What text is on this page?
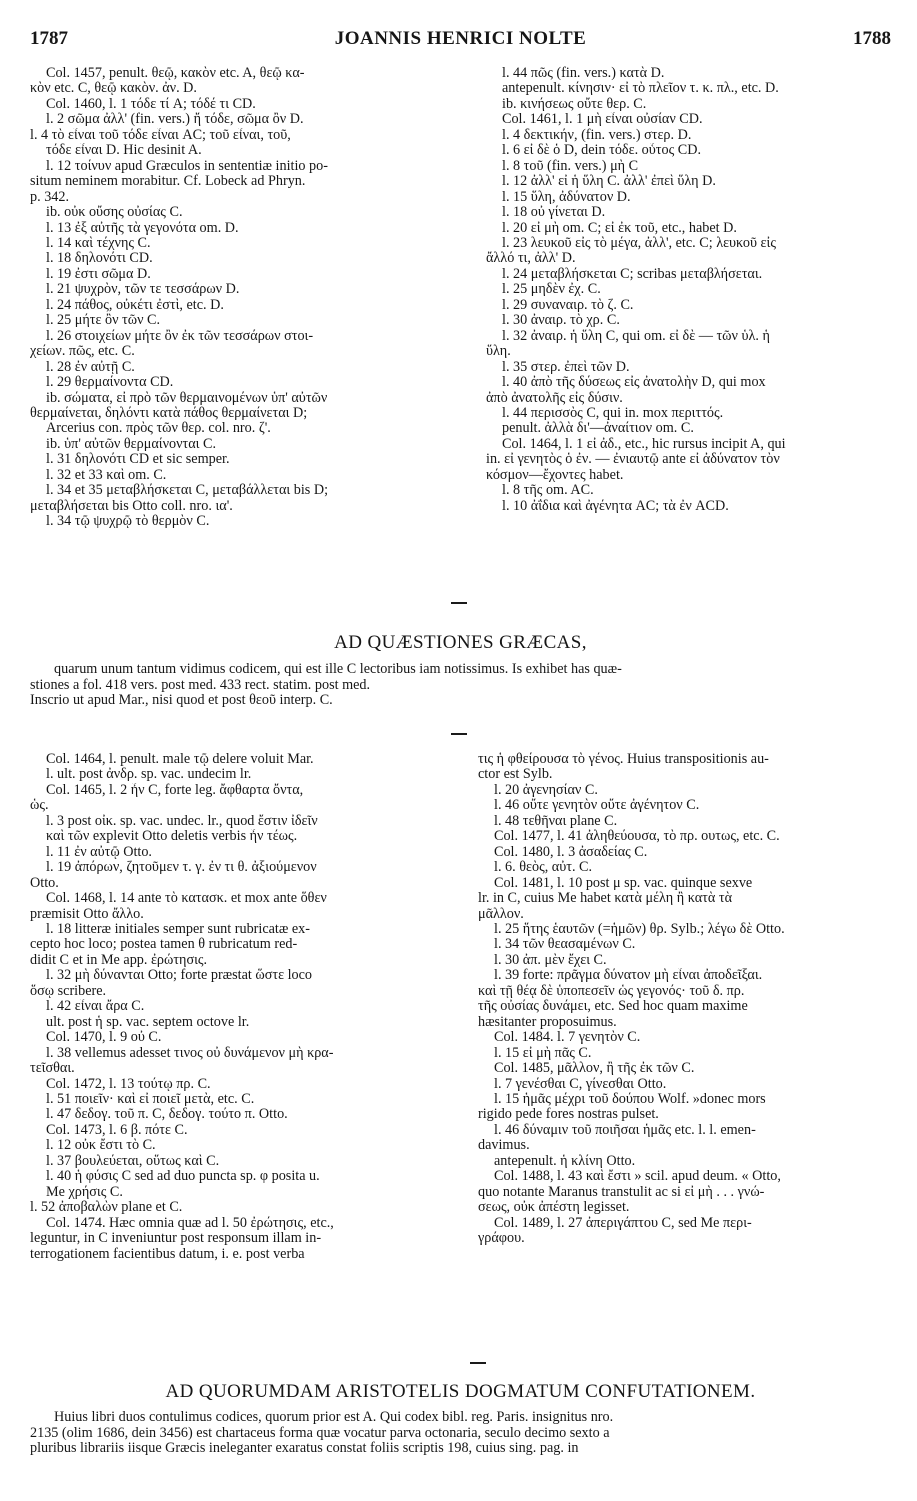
1787	JOANNIS HENRICI NOLTE	1788
Col. 1457, penult. θεῷ, κακὸν etc. A, θεῷ κα-
κὸν etc. C, θεῷ κακὸν. ἀν. D.
Col. 1460, l. 1 τόδε τί A; τόδέ τι CD.
l. 2 σῶμα ἀλλ' (fin. vers.) ἤ τόδε, σῶμα ὂν D.
l. 4 τὸ εἶναι τοῦ τόδε εἶναι AC; τοῦ εἶναι, τοῦ,
τόδε εἶναι D. Hic desinit A.
l. 12 τοίνυν apud Græculos in sententiæ initio po-
situm neminem morabitur. Cf. Lobeck ad Phryn.
p. 342.
ib. οὐκ οὔσης οὐσίας C.
l. 13 ἐξ αὐτῆς τὰ γεγονότα om. D.
l. 14 καὶ τέχνης C.
l. 18 δηλονότι CD.
l. 19 ἐστι σῶμα D.
l. 21 ψυχρὸν, τῶν τε τεσσάρων D.
l. 24 πάθος, οὐκέτι ἐστὶ, etc. D.
l. 25 μήτε ὂν τῶν C.
l. 26 στοιχείων μήτε ὂν ἐκ τῶν τεσσάρων στοι-
χείων. πῶς, etc. C.
l. 28 ἐν αὐτῇ C.
l. 29 θερμαίνοντα CD.
ib. σώματα, εἰ πρὸ τῶν θερμαινομένων ὑπ' αὐτῶν
θερμαίνεται, δηλόντι κατὰ πάθος θερμαίνεται D;
Arcerius con. πρὸς τῶν θερ. col. nro. ζ'.
ib. ὑπ' αὐτῶν θερμαίνονται C.
l. 31 δηλονότι CD et sic semper.
l. 32 et 33 καὶ om. C.
l. 34 et 35 μεταβλήσκεται C, μεταβάλλεται bis D;
μεταβλήσεται bis Otto coll. nro. ια'.
l. 34 τῷ ψυχρῷ τὸ θερμὸν C.
l. 44 πῶς (fin. vers.) κατὰ D.
antepenult. κίνησιν· εἰ τὸ πλεῖον τ. κ. πλ., etc. D.
ib. κινήσεως οὔτε θερ. C.
Col. 1461, l. 1 μὴ εἶναι οὐσίαν CD.
l. 4 δεκτικήν, (fin. vers.) στερ. D.
l. 6 εἰ δὲ ὁ D, dein τόδε. οὗτος CD.
l. 8 τοῦ (fin. vers.) μὴ C
l. 12 ἀλλ' εἰ ἡ ὕλη C. ἀλλ' ἐπεὶ ὕλη D.
l. 15 ὕλη, ἀδύνατον D.
l. 18 οὐ γίνεται D.
l. 20 εἰ μὴ om. C; εἰ ἐκ τοῦ, etc., habet D.
l. 23 λευκοῦ εἰς τὸ μέγα, ἀλλ', etc. C; λευκοῦ εἰς
ἄλλό τι, ἀλλ' D.
l. 24 μεταβλήσκεται C; scribas μεταβλήσεται.
l. 25 μηδὲν ἐχ. C.
l. 29 συναναιρ. τὸ ζ. C.
l. 30 ἀναιρ. τὸ χρ. C.
l. 32 ἀναιρ. ἡ ὕλη C, qui om. εἰ δὲ — τῶν ὑλ. ἡ
ὕλη.
l. 35 στερ. ἐπεὶ τῶν D.
l. 40 ἀπὸ τῆς δύσεως εἰς ἀνατολὴν D, qui mox
ἀπὸ ἀνατολῆς εἰς δύσιν.
l. 44 περισσὸς C, qui in. mox περιττός.
penult. ἀλλὰ δι'—ἀναίτιον om. C.
Col. 1464, l. 1 εἰ ἀδ., etc., hic rursus incipit A, qui
in. εἰ γενητὸς ὁ ἐν. — ἐνιαυτῷ ante εἰ ἀδύνατον τὸν
κόσμον—ἔχοντες habet.
l. 8 τῆς om. AC.
l. 10 ἀΐδια καὶ ἀγένητα AC; τὰ ἐν ACD.
AD QUÆSTIONES GRÆCAS,
quarum unum tantum vidimus codicem, qui est ille C lectoribus iam notissimus. Is exhibet has quæ-
stiones a fol. 418 vers. post med. 433 rect. statim. post med.
Inscrio ut apud Mar., nisi quod et post θεοῦ interp. C.
Col. 1464, l. penult. male τῷ delere voluit Mar.
l. ult. post ἀνδρ. sp. vac. undecim lr.
Col. 1465, l. 2 ἦν C, forte leg. ἄφθαρτα ὄντα,
ὡς.
l. 3 post οἰκ. sp. vac. undec. lr., quod ἔστιν ἰδεῖν
καὶ τῶν explevit Otto deletis verbis ἦν τέως.
l. 11 ἐν αὐτῷ Otto.
l. 19 ἀπόρων, ζητοῦμεν τ. γ. ἐν τι θ. ἀξιούμενον
Otto.
Col. 1468, l. 14 ante τὸ κατασκ. et mox ante ὅθεν
præmisit Otto ἄλλο.
l. 18 litteræ initiales semper sunt rubricatæ ex-
cepto hoc loco; postea tamen θ rubricatum red-
didit C et in Me app. ἐρώτησις.
l. 32 μὴ δύνανται Otto; forte præstat ὥστε loco
ὅσῳ scribere.
l. 42 εἶναι ἄρα C.
ult. post ἡ sp. vac. septem octove lr.
Col. 1470, l. 9 οὐ C.
l. 38 vellemus adesset τινος οὐ δυνάμενον μὴ κρα-
τεῖσθαι.
Col. 1472, l. 13 τούτῳ πρ. C.
l. 51 ποιεῖν· καὶ εἰ ποιεῖ μετὰ, etc. C.
l. 47 δεδογ. τοῦ π. C, δεδογ. τούτο π. Otto.
Col. 1473, l. 6 β. πότε C.
l. 12 οὐκ ἔστι τὸ C.
l. 37 βουλεύεται, οὕτως καὶ C.
l. 40 ἡ φύσις C sed ad duo puncta sp. φ posita u.
Me χρήσις C.
l. 52 ἀποβαλὼν plane et C.
Col. 1474. Hæc omnia quæ ad l. 50 ἐρώτησις, etc.,
leguntur, in C inveniuntur post responsum illam in-
terrogationem facientibus datum, i. e. post verba
τις ἡ φθείρουσα τὸ γένος. Huius transpositionis au-
ctor est Sylb.
l. 20 ἀγενησίαν C.
l. 46 οὔτε γενητὸν οὔτε ἀγένητον C.
l. 48 τεθῆναι plane C.
Col. 1477, l. 41 ἀληθεύουσα, τὸ πρ. ουτως, etc. C.
Col. 1480, l. 3 ἀσαδείας C.
l. 6. θεὸς, αὐτ. C.
Col. 1481, l. 10 post μ sp. vac. quinque sexve
lr. in C, cuius Me habet κατὰ μέλη ἢ κατὰ τὰ
μᾶλλον.
l. 25 ἥτης ἑαυτῶν (=ἡμῶν) θρ. Sylb.; λέγω δὲ Otto.
l. 34 τῶν θεασαμένων C.
l. 30 ἀπ. μὲν ἔχει C.
l. 39 forte: πρᾶγμα δύνατον μὴ εἶναι ἀποδεῖξαι.
καὶ τῇ θέᾳ δὲ ὑποπεσεῖν ὡς γεγονός· τοῦ δ. πρ.
τῆς οὐσίας δυνάμει, etc. Sed hoc quam maxime
hæsitanter proposuimus.
Col. 1484. l. 7 γενητὸν C.
l. 15 εἰ μὴ πᾶς C.
Col. 1485, μᾶλλον, ἢ τῆς ἐκ τῶν C.
l. 7 γενέσθαι C, γίνεσθαι Otto.
l. 15 ἡμᾶς μέχρι τοῦ δούπου Wolf. »donec mors
rigido pede fores nostras pulset.
l. 46 δύναμιν τοῦ ποιῆσαι ἡμᾶς etc. l. l. emen-
davimus.
antepenult. ἡ κλίνη Otto.
Col. 1488, l. 43 καὶ ἔστι » scil. apud deum. « Otto,
quo notante Maranus transtulit ac si εἰ μὴ . . . γνώ-
σεως, οὐκ ἀπέστη legisset.
Col. 1489, l. 27 ἀπεριγάπτου C, sed Me περι-
γράφου.
AD QUORUMDAM ARISTOTELIS DOGMATUM CONFUTATIONEM.
Huius libri duos contulimus codices, quorum prior est A. Qui codex bibl. reg. Paris. insignitus nro.
2135 (olim 1686, dein 3456) est chartaceus forma quæ vocatur parva octonaria, seculo decimo sexto a
pluribus librariis iisque Græcis ineleganter exaratus constat foliis scriptis 198, cuius sing. pag. in
